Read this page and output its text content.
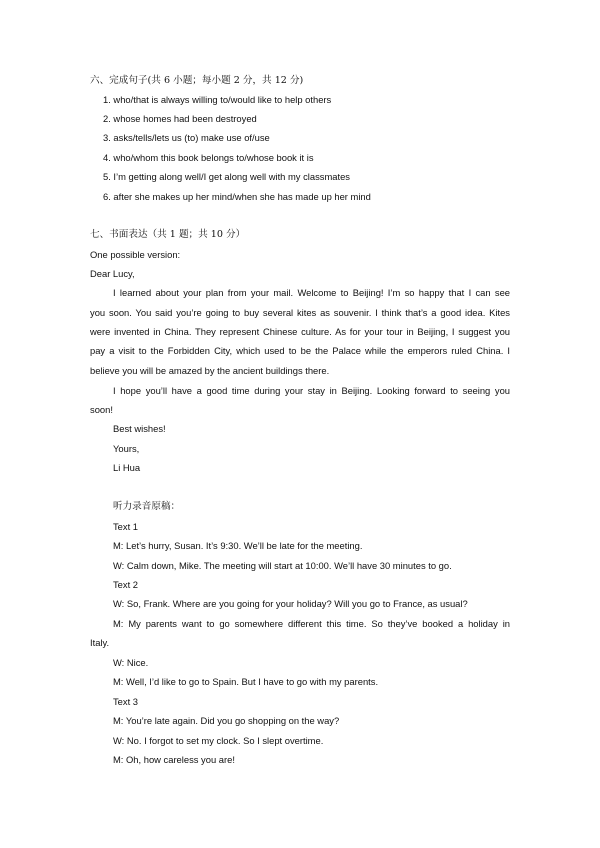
六、完成句子(共 6 小题；每小题 2 分，共 12 分)
1. who/that is always willing to/would like to help others
2. whose homes had been destroyed
3. asks/tells/lets us (to) make use of/use
4. who/whom this book belongs to/whose book it is
5. I’m getting along well/I get along well with my classmates
6. after she makes up her mind/when she has made up her mind
七、书面表达（共 1 题；共 10 分）
One possible version:
Dear Lucy,
I learned about your plan from your mail. Welcome to Beijing! I’m so happy that I can see
you soon. You said you’re going to buy several kites as souvenir. I think that’s a good idea. Kites
were invented in China. They represent Chinese culture. As for your tour in Beijing, I suggest you
pay a visit to the Forbidden City, which used to be the Palace while the emperors ruled China. I
believe you will be amazed by the ancient buildings there.
I hope you’ll have a good time during your stay in Beijing. Looking forward to seeing you
soon!
Best wishes!
Yours,
Li Hua
听力录音原稿：
Text 1
M: Let’s hurry, Susan. It’s 9:30. We’ll be late for the meeting.
W: Calm down, Mike. The meeting will start at 10:00. We’ll have 30 minutes to go.
Text 2
W: So, Frank. Where are you going for your holiday? Will you go to France, as usual?
M: My parents want to go somewhere different this time. So they’ve booked a holiday in
Italy.
W: Nice.
M: Well, I’d like to go to Spain. But I have to go with my parents.
Text 3
M: You’re late again. Did you go shopping on the way?
W: No. I forgot to set my clock. So I slept overtime.
M: Oh, how careless you are!
